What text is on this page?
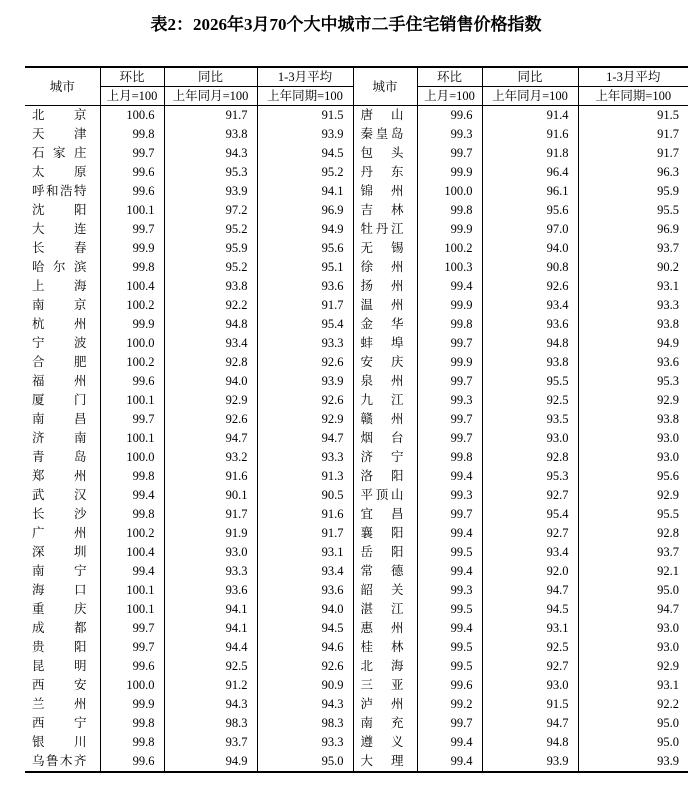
表2：2026年3月70个大中城市二手住宅销售价格指数
城市	环比	同比	1-3月平均	城市	环比	同比	1-3月平均
	上月=100	上年同月=100	上年同期=100		上月=100	上年同月=100	上年同期=100
北京	100.6	91.7	91.5	唐山	99.6	91.4	91.5
天津	99.8	93.8	93.9	秦皇岛	99.3	91.6	91.7
石家庄	99.7	94.3	94.5	包头	99.7	91.8	91.7
太原	99.6	95.3	95.2	丹东	99.9	96.4	96.3
呼和浩特	99.6	93.9	94.1	锦州	100.0	96.1	95.9
沈阳	100.1	97.2	96.9	吉林	99.8	95.6	95.5
大连	99.7	95.2	94.9	牡丹江	99.9	97.0	96.9
长春	99.9	95.9	95.6	无锡	100.2	94.0	93.7
哈尔滨	99.8	95.2	95.1	徐州	100.3	90.8	90.2
上海	100.4	93.8	93.6	扬州	99.4	92.6	93.1
南京	100.2	92.2	91.7	温州	99.9	93.4	93.3
杭州	99.9	94.8	95.4	金华	99.8	93.6	93.8
宁波	100.0	93.4	93.3	蚌埠	99.7	94.8	94.9
合肥	100.2	92.8	92.6	安庆	99.9	93.8	93.6
福州	99.6	94.0	93.9	泉州	99.7	95.5	95.3
厦门	100.1	92.9	92.6	九江	99.3	92.5	92.9
南昌	99.7	92.6	92.9	赣州	99.7	93.5	93.8
济南	100.1	94.7	94.7	烟台	99.7	93.0	93.0
青岛	100.0	93.2	93.3	济宁	99.8	92.8	93.0
郑州	99.8	91.6	91.3	洛阳	99.4	95.3	95.6
武汉	99.4	90.1	90.5	平顶山	99.3	92.7	92.9
长沙	99.8	91.7	91.6	宜昌	99.7	95.4	95.5
广州	100.2	91.9	91.7	襄阳	99.4	92.7	92.8
深圳	100.4	93.0	93.1	岳阳	99.5	93.4	93.7
南宁	99.4	93.3	93.4	常德	99.4	92.0	92.1
海口	100.1	93.6	93.6	韶关	99.3	94.7	95.0
重庆	100.1	94.1	94.0	湛江	99.5	94.5	94.7
成都	99.7	94.1	94.5	惠州	99.4	93.1	93.0
贵阳	99.7	94.4	94.6	桂林	99.5	92.5	93.0
昆明	99.6	92.5	92.6	北海	99.5	92.7	92.9
西安	100.0	91.2	90.9	三亚	99.6	93.0	93.1
兰州	99.9	94.3	94.3	泸州	99.2	91.5	92.2
西宁	99.8	98.3	98.3	南充	99.7	94.7	95.0
银川	99.8	93.7	93.3	遵义	99.4	94.8	95.0
乌鲁木齐	99.6	94.9	95.0	大理	99.4	93.9	93.9
